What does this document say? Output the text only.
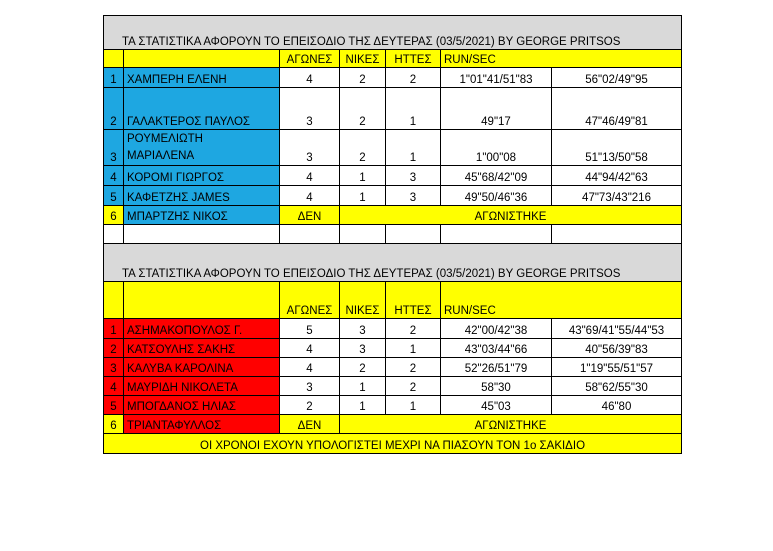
ΤΑ ΣΤΑΤΙΣΤΙΚΑ ΑΦΟΡΟΥΝ ΤΟ ΕΠΕΙΣΟΔΙΟ ΤΗΣ ΔΕΥΤΕΡΑΣ (03/5/2021) BY GEORGE PRITSOS						
		ΑΓΩΝΕΣ	ΝΙΚΕΣ	ΗΤΤΕΣ	RUN/SEC	
1	ΧΑΜΠΕΡΗ ΕΛΕΝΗ	4	2	2	1"01"41/51"83	56"02/49"95
2	ΓΑΛΑΚΤΕΡΟΣ ΠΑΥΛΟΣ	3	2	1	49"17	47"46/49"81
3	ΡΟΥΜΕΛΙΩΤΗ
ΜΑΡΙΑΛΕΝΑ	3	2	1	1"00"08	51"13/50"58
4	ΚΟΡΟΜΙ ΓΙΩΡΓΟΣ	4	1	3	45"68/42"09	44"94/42"63
5	ΚΑΦΕΤΖΗΣ JAMES	4	1	3	49"50/46"36	47"73/43"216
6	ΜΠΑΡΤΖΗΣ ΝΙΚΟΣ	ΔΕΝ	ΑΓΩΝΙΣΤΗΚΕ			

ΤΑ ΣΤΑΤΙΣΤΙΚΑ ΑΦΟΡΟΥΝ ΤΟ ΕΠΕΙΣΟΔΙΟ ΤΗΣ ΔΕΥΤΕΡΑΣ (03/5/2021) BY GEORGE PRITSOS						
		ΑΓΩΝΕΣ	ΝΙΚΕΣ	ΗΤΤΕΣ	RUN/SEC	
1	ΑΣΗΜΑΚΟΠΟΥΛΟΣ Γ.	5	3	2	42"00/42"38	43"69/41"55/44"53
2	ΚΑΤΣΟΥΛΗΣ ΣΑΚΗΣ	4	3	1	43"03/44"66	40"56/39"83
3	ΚΑΛΥΒΑ ΚΑΡΟΛΙΝΑ	4	2	2	52"26/51"79	1"19"55/51"57
4	ΜΑΥΡΙΔΗ ΝΙΚΟΛΕΤΑ	3	1	2	58"30	58"62/55"30
5	ΜΠΟΓΔΑΝΟΣ ΗΛΙΑΣ	2	1	1	45"03	46"80
6	ΤΡΙΑΝΤΑΦΥΛΛΟΣ	ΔΕΝ	ΑΓΩΝΙΣΤΗΚΕ			
ΟΙ ΧΡΟΝΟΙ ΕΧΟΥΝ ΥΠΟΛΟΓΙΣΤΕΙ ΜΕΧΡΙ ΝΑ ΠΙΑΣΟΥΝ ΤΟΝ 1ο ΣΑΚΙΔΙΟ						
